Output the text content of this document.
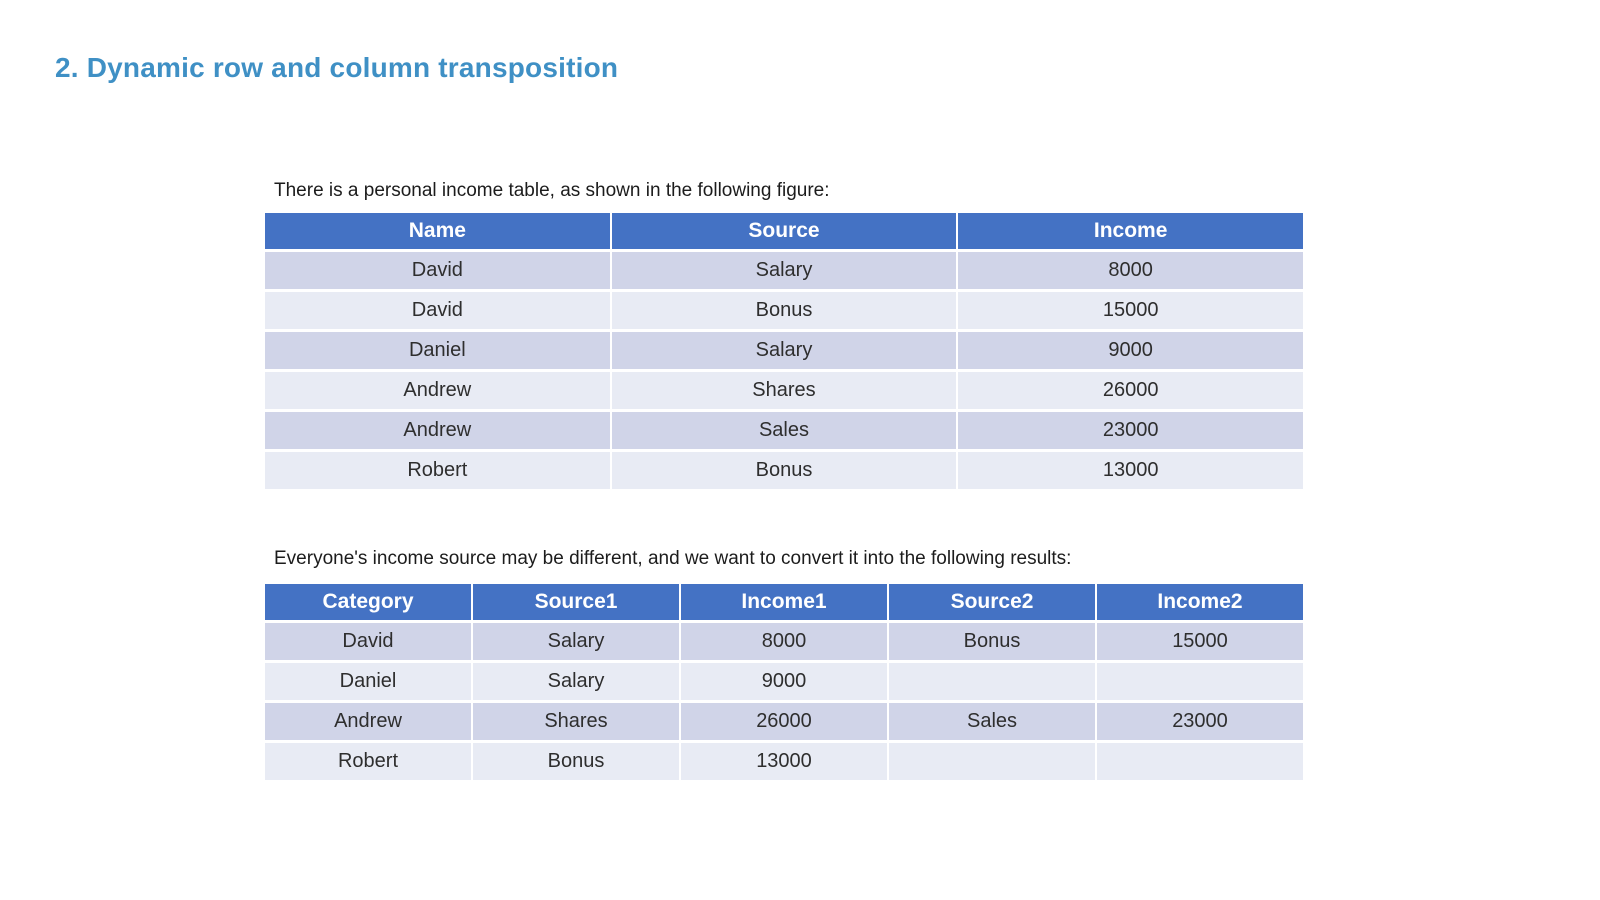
2. Dynamic row and column transposition

There is a personal income table, as shown in the following figure:

Name	Source	Income
David	Salary	8000
David	Bonus	15000
Daniel	Salary	9000
Andrew	Shares	26000
Andrew	Sales	23000
Robert	Bonus	13000

Everyone's income source may be different, and we want to convert it into the following results:

Category	Source1	Income1	Source2	Income2
David	Salary	8000	Bonus	15000
Daniel	Salary	9000		
Andrew	Shares	26000	Sales	23000
Robert	Bonus	13000		
